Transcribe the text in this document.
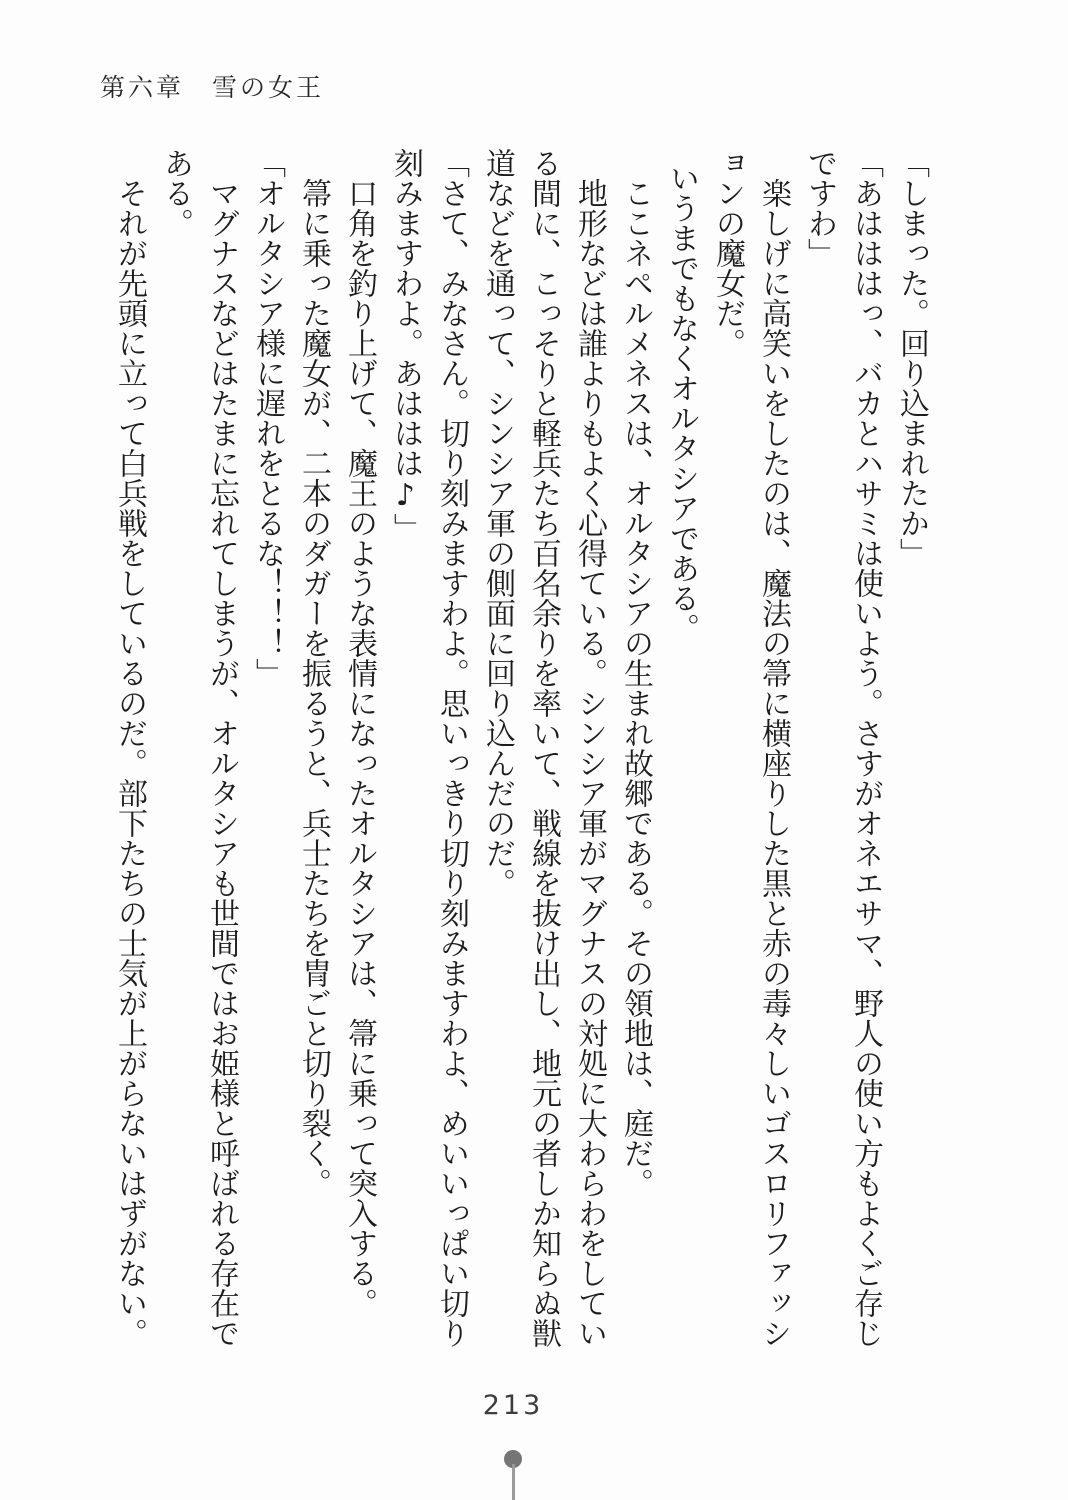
第六章　雪の女王
「しまった。回り込まれたか」
「あはははっ、バカとハサミは使いよう。さすがオネエサマ、野人の使い方もよくご存じ
ですわ」
楽しげに高笑いをしたのは、魔法の箒に横座りした黒と赤の毒々しいゴスロリファッシ
ョンの魔女だ。
いうまでもなくオルタシアである。
ここネペルメネスは、オルタシアの生まれ故郷である。その領地は、庭だ。
地形などは誰よりもよく心得ている。シンシア軍がマグナスの対処に大わらわをしてい
る間に、こっそりと軽兵たち百名余りを率いて、戦線を抜け出し、地元の者しか知らぬ獣
道などを通って、シンシア軍の側面に回り込んだのだ。
「さて、みなさん。切り刻みますわよ。思いっきり切り刻みますわよ、めいいっぱい切り
刻みますわよ。あははは♪」
口角を釣り上げて、魔王のような表情になったオルタシアは、箒に乗って突入する。
箒に乗った魔女が、二本のダガーを振るうと、兵士たちを冑ごと切り裂く。
「オルタシア様に遅れをとるな！！！」
マグナスなどはたまに忘れてしまうが、オルタシアも世間ではお姫様と呼ばれる存在で
ある。
それが先頭に立って白兵戦をしているのだ。部下たちの士気が上がらないはずがない。
213
